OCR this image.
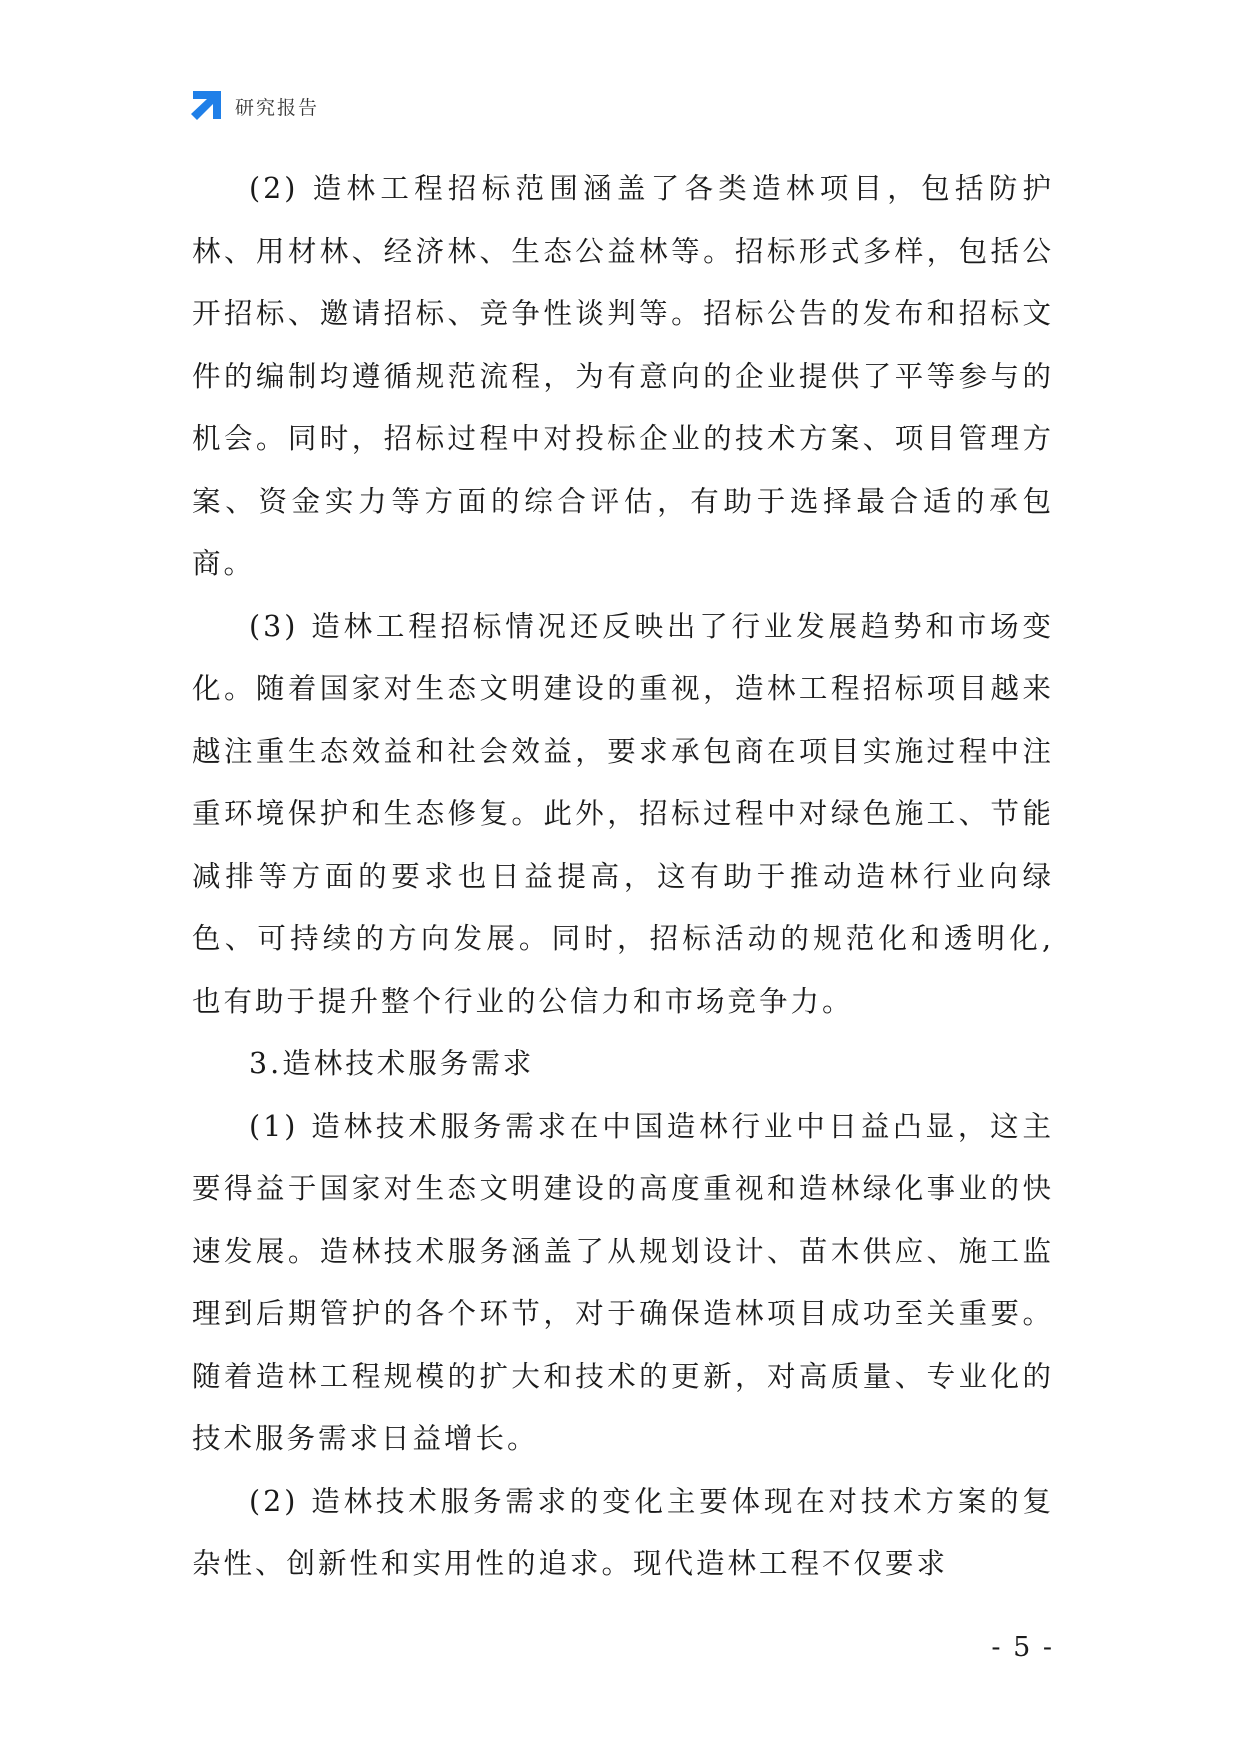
研究报告

(2) 造林工程招标范围涵盖了各类造林项目，包括防护林、用材林、经济林、生态公益林等。招标形式多样，包括公开招标、邀请招标、竞争性谈判等。招标公告的发布和招标文件的编制均遵循规范流程，为有意向的企业提供了平等参与的机会。同时，招标过程中对投标企业的技术方案、项目管理方案、资金实力等方面的综合评估，有助于选择最合适的承包商。

(3) 造林工程招标情况还反映出了行业发展趋势和市场变化。随着国家对生态文明建设的重视，造林工程招标项目越来越注重生态效益和社会效益，要求承包商在项目实施过程中注重环境保护和生态修复。此外，招标过程中对绿色施工、节能减排等方面的要求也日益提高，这有助于推动造林行业向绿色、可持续的方向发展。同时，招标活动的规范化和透明化,也有助于提升整个行业的公信力和市场竞争力。

3.造林技术服务需求

(1) 造林技术服务需求在中国造林行业中日益凸显，这主要得益于国家对生态文明建设的高度重视和造林绿化事业的快速发展。造林技术服务涵盖了从规划设计、苗木供应、施工监理到后期管护的各个环节，对于确保造林项目成功至关重要。随着造林工程规模的扩大和技术的更新，对高质量、专业化的技术服务需求日益增长。

(2) 造林技术服务需求的变化主要体现在对技术方案的复杂性、创新性和实用性的追求。现代造林工程不仅要求

- 5 -
